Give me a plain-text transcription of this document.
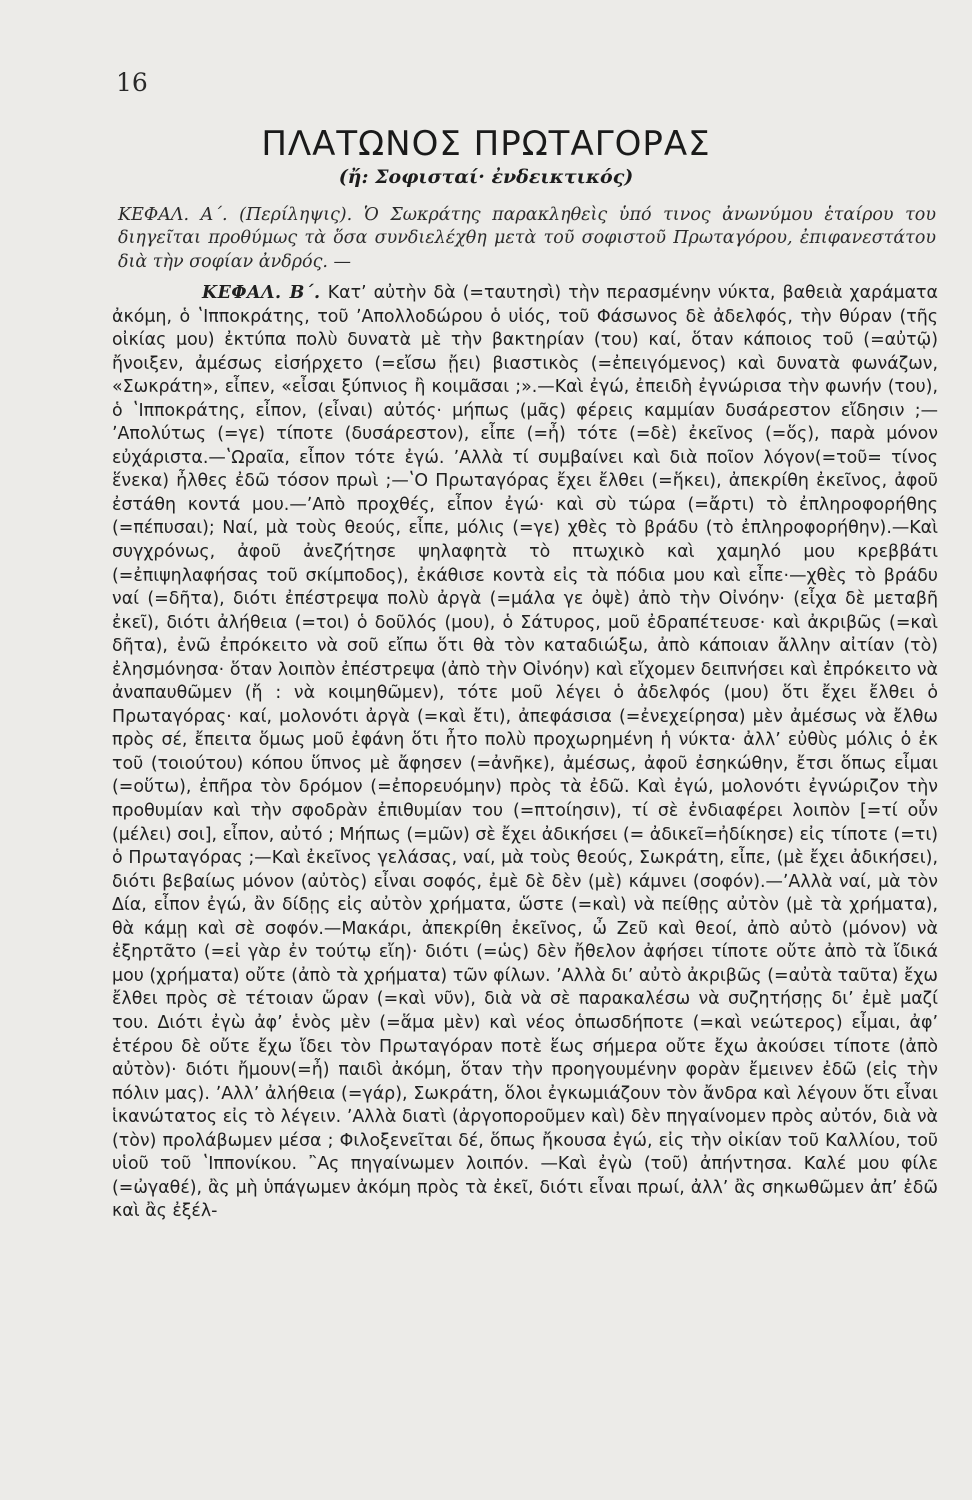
16
ΠΛΑΤΩΝΟΣ ΠΡΩΤΑΓΟΡΑΣ
(ἤ: Σοφισταί· ἐνδεικτικός)
ΚΕΦΑΛ. Α΄. (Περίληψις). Ὁ Σωκράτης παρακληθεὶς ὑπό τινος ἀνωνύμου ἑταίρου του διηγεῖται προθύμως τὰ ὅσα συνδιελέχθη μετὰ τοῦ σοφιστοῦ Πρωταγόρου, ἐπιφανεστάτου διὰ τὴν σοφίαν ἀνδρός. —
ΚΕΦΑΛ. Β΄. Κατ’ αὐτὴν δὰ (=ταυτησὶ) τὴν περασμένην νύκτα, βαθειὰ χαράματα ἀκόμη, ὁ ʽΙπποκράτης, τοῦ ʼΑπολλοδώρου ὁ υἱός, τοῦ Φάσωνος δὲ ἀδελφός, τὴν θύραν (τῆς οἰκίας μου) ἐκτύπα πολὺ δυνατὰ μὲ τὴν βακτηρίαν (του) καί, ὅταν κάποιος τοῦ (=αὐτῷ) ἤνοιξεν, ἀμέσως εἰσήρχετο (=εἴσω ᾔει) βιαστικὸς (=ἐπειγόμενος) καὶ δυνατὰ φωνάζων, «Σωκράτη», εἶπεν, «εἶσαι ξύπνιος ἢ κοιμᾶσαι ;».—Καὶ ἐγώ, ἐπειδὴ ἐγνώρισα τὴν φωνήν (του), ὁ ʽΙπποκράτης, εἶπον, (εἶναι) αὐτός· μήπως (μᾶς) φέρεις καμμίαν δυσάρεστον εἴδησιν ;—ʼΑπολύτως (=γε) τίποτε (δυσάρεστον), εἶπε (=ἦ) τότε (=δὲ) ἐκεῖνος (=ὅς), παρὰ μόνον εὐχάριστα.—ʽΩραῖα, εἶπον τότε ἐγώ. ʼΑλλὰ τί συμβαίνει καὶ διὰ ποῖον λόγον(=τοῦ= τίνος ἕνεκα) ἦλθες ἐδῶ τόσον πρωὶ ;—ʽΟ Πρωταγόρας ἔχει ἔλθει (=ἥκει), ἀπεκρίθη ἐκεῖνος, ἀφοῦ ἐστάθη κοντά μου.—ʼΑπὸ προχθές, εἶπον ἐγώ· καὶ σὺ τώρα (=ἄρτι) τὸ ἐπληροφορήθης (=πέπυσαι); Ναί, μὰ τοὺς θεούς, εἶπε, μόλις (=γε) χθὲς τὸ βράδυ (τὸ ἐπληροφορήθην).—Καὶ συγχρόνως, ἀφοῦ ἀνεζήτησε ψηλαφητὰ τὸ πτωχικὸ καὶ χαμηλό μου κρεββάτι (=ἐπιψηλαφήσας τοῦ σκίμποδος), ἐκάθισε κοντὰ εἰς τὰ πόδια μου καὶ εἶπε·—χθὲς τὸ βράδυ ναί (=δῆτα), διότι ἐπέστρεψα πολὺ ἀργὰ (=μάλα γε ὀψὲ) ἀπὸ τὴν Οἰνόην· (εἶχα δὲ μεταβῆ ἐκεῖ), διότι ἀλήθεια (=τοι) ὁ δοῦλός (μου), ὁ Σάτυρος, μοῦ ἐδραπέτευσε· καὶ ἀκριβῶς (=καὶ δῆτα), ἐνῶ ἐπρόκειτο νὰ σοῦ εἴπω ὅτι θὰ τὸν καταδιώξω, ἀπὸ κάποιαν ἄλλην αἰτίαν (τὸ) ἐλησμόνησα· ὅταν λοιπὸν ἐπέστρεψα (ἀπὸ τὴν Οἰνόην) καὶ εἴχομεν δειπνήσει καὶ ἐπρόκειτο νὰ ἀναπαυθῶμεν (ἤ : νὰ κοιμηθῶμεν), τότε μοῦ λέγει ὁ ἀδελφός (μου) ὅτι ἔχει ἔλθει ὁ Πρωταγόρας· καί, μολονότι ἀργὰ (=καὶ ἔτι), ἀπεφάσισα (=ἐνεχείρησα) μὲν ἀμέσως νὰ ἔλθω πρὸς σέ, ἔπειτα ὅμως μοῦ ἐφάνη ὅτι ἦτο πολὺ προχωρημένη ἡ νύκτα· ἀλλ’ εὐθὺς μόλις ὁ ἐκ τοῦ (τοιούτου) κόπου ὕπνος μὲ ἄφησεν (=ἀνῆκε), ἀμέσως, ἀφοῦ ἐσηκώθην, ἔτσι ὅπως εἶμαι (=οὕτω), ἐπῆρα τὸν δρόμον (=ἐπορευόμην) πρὸς τὰ ἐδῶ. Καὶ ἐγώ, μολονότι ἐγνώριζον τὴν προθυμίαν καὶ τὴν σφοδρὰν ἐπιθυμίαν του (=πτοίησιν), τί σὲ ἐνδιαφέρει λοιπὸν [=τί οὖν (μέλει) σοι], εἶπον, αὐτό ; Μήπως (=μῶν) σὲ ἔχει ἀδικήσει (= ἀδικεῖ=ἠδίκησε) εἰς τίποτε (=τι) ὁ Πρωταγόρας ;—Καὶ ἐκεῖνος γελάσας, ναί, μὰ τοὺς θεούς, Σωκράτη, εἶπε, (μὲ ἔχει ἀδικήσει), διότι βεβαίως μόνον (αὐτὸς) εἶναι σοφός, ἐμὲ δὲ δὲν (μὲ) κάμνει (σοφόν).—ʼΑλλὰ ναί, μὰ τὸν Δία, εἶπον ἐγώ, ἂν δίδῃς εἰς αὐτὸν χρήματα, ὥστε (=καὶ) νὰ πείθῃς αὐτὸν (μὲ τὰ χρήματα), θὰ κάμῃ καὶ σὲ σοφόν.—Μακάρι, ἀπεκρίθη ἐκεῖνος, ὦ Ζεῦ καὶ θεοί, ἀπὸ αὐτὸ (μόνον) νὰ ἐξηρτᾶτο (=εἰ γὰρ ἐν τούτῳ εἴη)· διότι (=ὡς) δὲν ἤθελον ἀφήσει τίποτε οὔτε ἀπὸ τὰ ἴδικά μου (χρήματα) οὔτε (ἀπὸ τὰ χρήματα) τῶν φίλων. ʼΑλλὰ δι’ αὐτὸ ἀκριβῶς (=αὐτὰ ταῦτα) ἔχω ἔλθει πρὸς σὲ τέτοιαν ὥραν (=καὶ νῦν), διὰ νὰ σὲ παρακαλέσω νὰ συζητήσῃς δι’ ἐμὲ μαζί του. Διότι ἐγὼ ἀφ’ ἑνὸς μὲν (=ἅμα μὲν) καὶ νέος ὁπωσδήποτε (=καὶ νεώτερος) εἶμαι, ἀφ’ ἑτέρου δὲ οὔτε ἔχω ἴδει τὸν Πρωταγόραν ποτὲ ἕως σήμερα οὔτε ἔχω ἀκούσει τίποτε (ἀπὸ αὐτὸν)· διότι ἤμουν(=ἦ) παιδὶ ἀκόμη, ὅταν τὴν προηγουμένην φορὰν ἔμεινεν ἐδῶ (εἰς τὴν πόλιν μας). ʼΑλλ’ ἀλήθεια (=γάρ), Σωκράτη, ὅλοι ἐγκωμιάζουν τὸν ἄνδρα καὶ λέγουν ὅτι εἶναι ἱκανώτατος εἰς τὸ λέγειν. ʼΑλλὰ διατὶ (ἀργοποροῦμεν καὶ) δὲν πηγαίνομεν πρὸς αὐτόν, διὰ νὰ (τὸν) προλάβωμεν μέσα ; Φιλοξενεῖται δέ, ὅπως ἤκουσα ἐγώ, εἰς τὴν οἰκίαν τοῦ Καλλίου, τοῦ υἱοῦ τοῦ ʽΙππονίκου. ῍Ας πηγαίνωμεν λοιπόν. —Καὶ ἐγὼ (τοῦ) ἀπήντησα. Καλέ μου φίλε (=ὠγαθέ), ἂς μὴ ὑπάγωμεν ἀκόμη πρὸς τὰ ἐκεῖ, διότι εἶναι πρωί, ἀλλ’ ἂς σηκωθῶμεν ἀπ’ ἐδῶ καὶ ἂς ἐξέλ-
